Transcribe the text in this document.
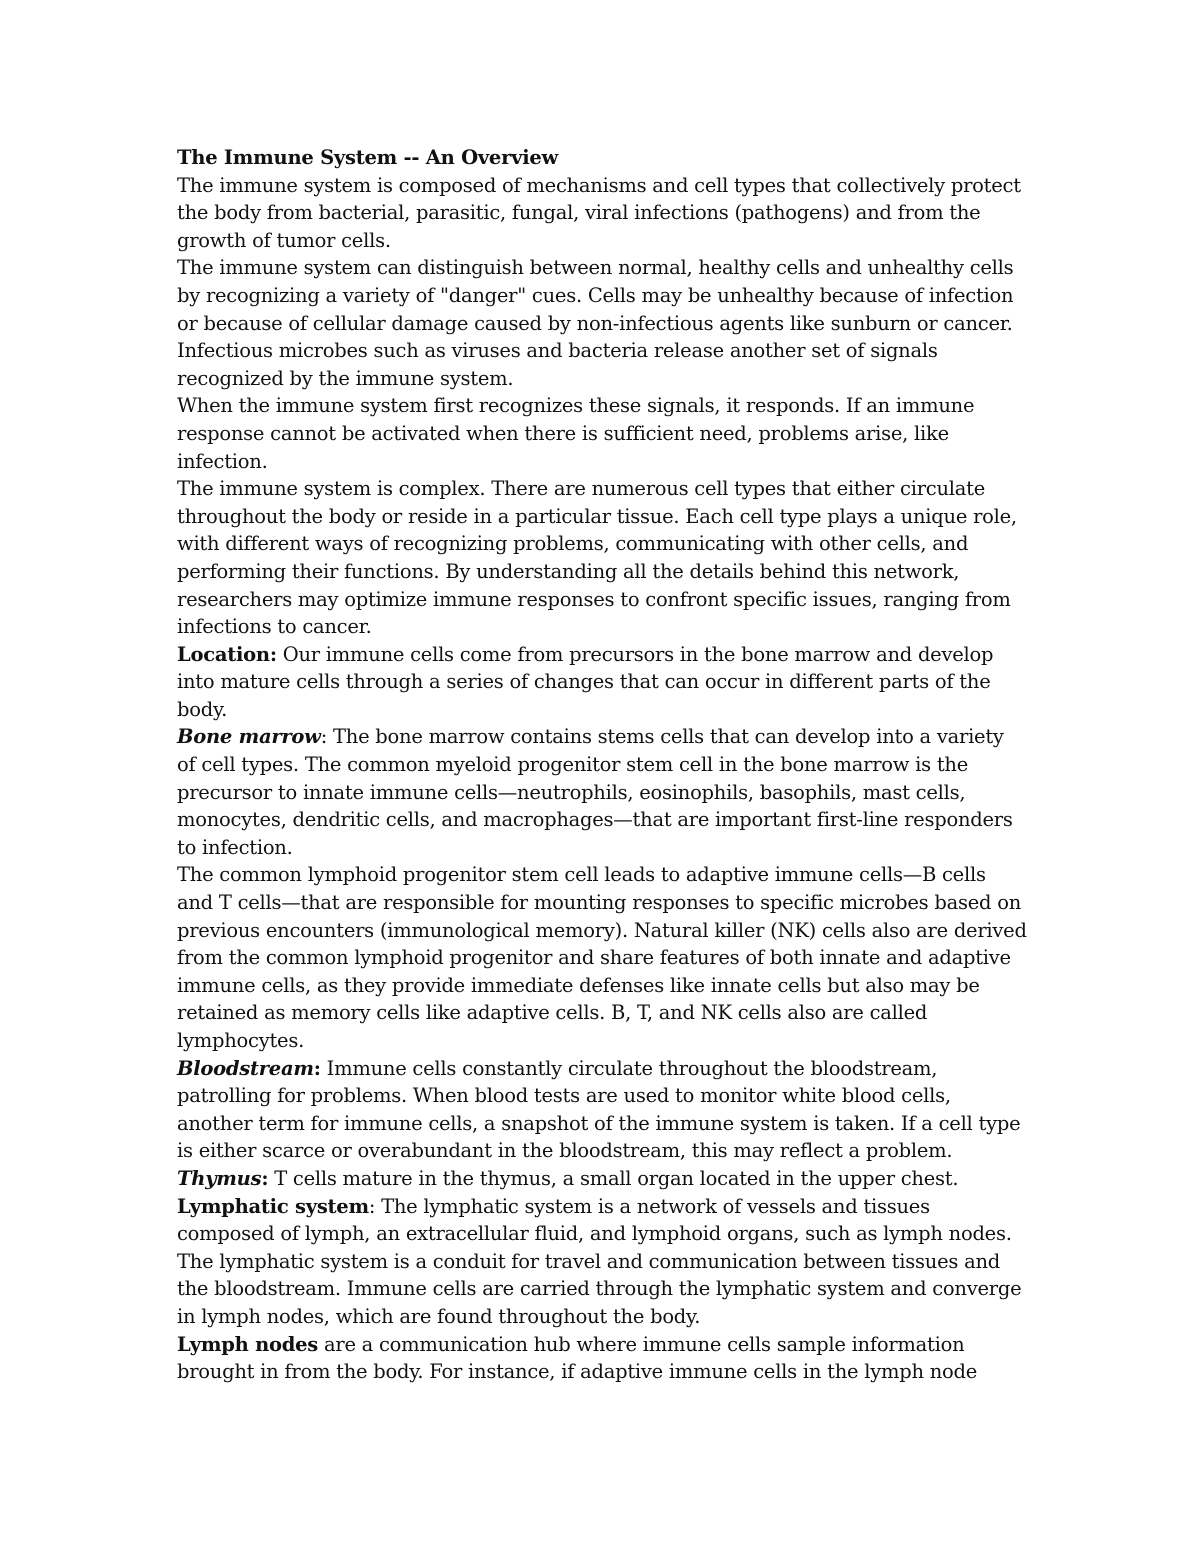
The Immune System -- An Overview

The immune system is composed of mechanisms and cell types that collectively protect the body from bacterial, parasitic, fungal, viral infections (pathogens) and from the growth of tumor cells.

The immune system can distinguish between normal, healthy cells and unhealthy cells by recognizing a variety of "danger" cues. Cells may be unhealthy because of infection or because of cellular damage caused by non-infectious agents like sunburn or cancer. Infectious microbes such as viruses and bacteria release another set of signals recognized by the immune system.

When the immune system first recognizes these signals, it responds. If an immune response cannot be activated when there is sufficient need, problems arise, like infection.

The immune system is complex. There are numerous cell types that either circulate throughout the body or reside in a particular tissue. Each cell type plays a unique role, with different ways of recognizing problems, communicating with other cells, and performing their functions. By understanding all the details behind this network, researchers may optimize immune responses to confront specific issues, ranging from infections to cancer.

Location: Our immune cells come from precursors in the bone marrow and develop into mature cells through a series of changes that can occur in different parts of the body.

Bone marrow: The bone marrow contains stems cells that can develop into a variety of cell types. The common myeloid progenitor stem cell in the bone marrow is the precursor to innate immune cells—neutrophils, eosinophils, basophils, mast cells, monocytes, dendritic cells, and macrophages—that are important first-line responders to infection.

The common lymphoid progenitor stem cell leads to adaptive immune cells—B cells and T cells—that are responsible for mounting responses to specific microbes based on previous encounters (immunological memory). Natural killer (NK) cells also are derived from the common lymphoid progenitor and share features of both innate and adaptive immune cells, as they provide immediate defenses like innate cells but also may be retained as memory cells like adaptive cells. B, T, and NK cells also are called lymphocytes.

Bloodstream: Immune cells constantly circulate throughout the bloodstream, patrolling for problems. When blood tests are used to monitor white blood cells, another term for immune cells, a snapshot of the immune system is taken. If a cell type is either scarce or overabundant in the bloodstream, this may reflect a problem.

Thymus: T cells mature in the thymus, a small organ located in the upper chest.

Lymphatic system: The lymphatic system is a network of vessels and tissues composed of lymph, an extracellular fluid, and lymphoid organs, such as lymph nodes. The lymphatic system is a conduit for travel and communication between tissues and the bloodstream. Immune cells are carried through the lymphatic system and converge in lymph nodes, which are found throughout the body.

Lymph nodes are a communication hub where immune cells sample information brought in from the body. For instance, if adaptive immune cells in the lymph node
